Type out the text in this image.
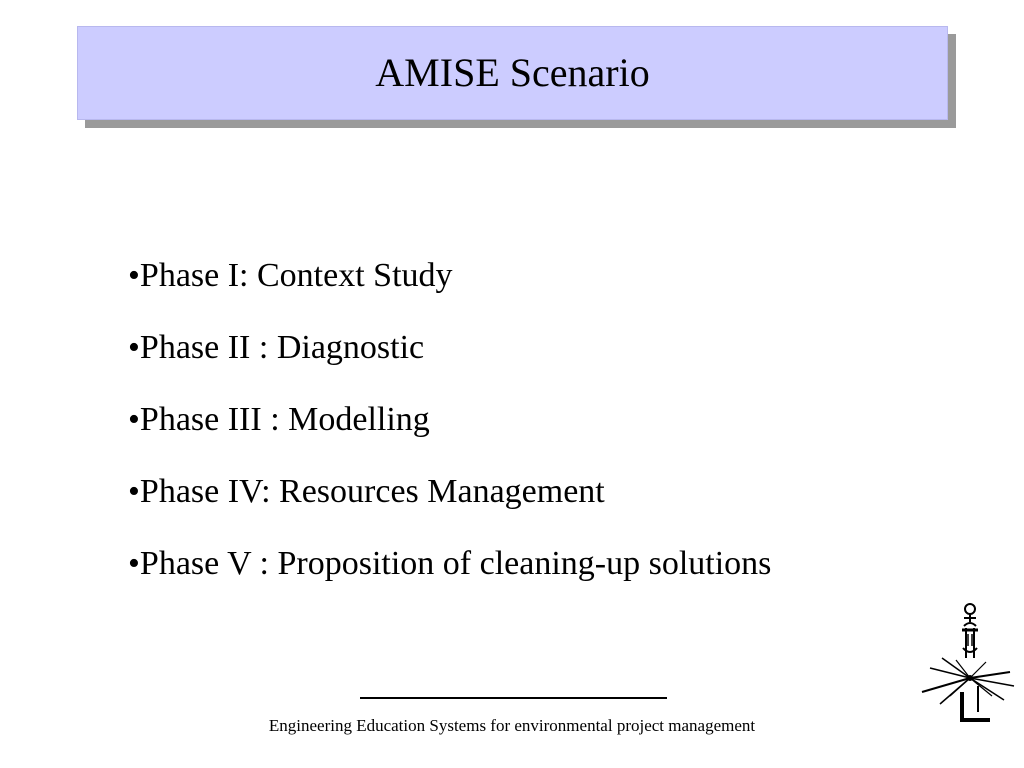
AMISE Scenario
• Phase I: Context Study
• Phase II : Diagnostic
• Phase III : Modelling
• Phase IV: Resources Management
• Phase V : Proposition of cleaning-up solutions
Engineering Education Systems for environmental project management
